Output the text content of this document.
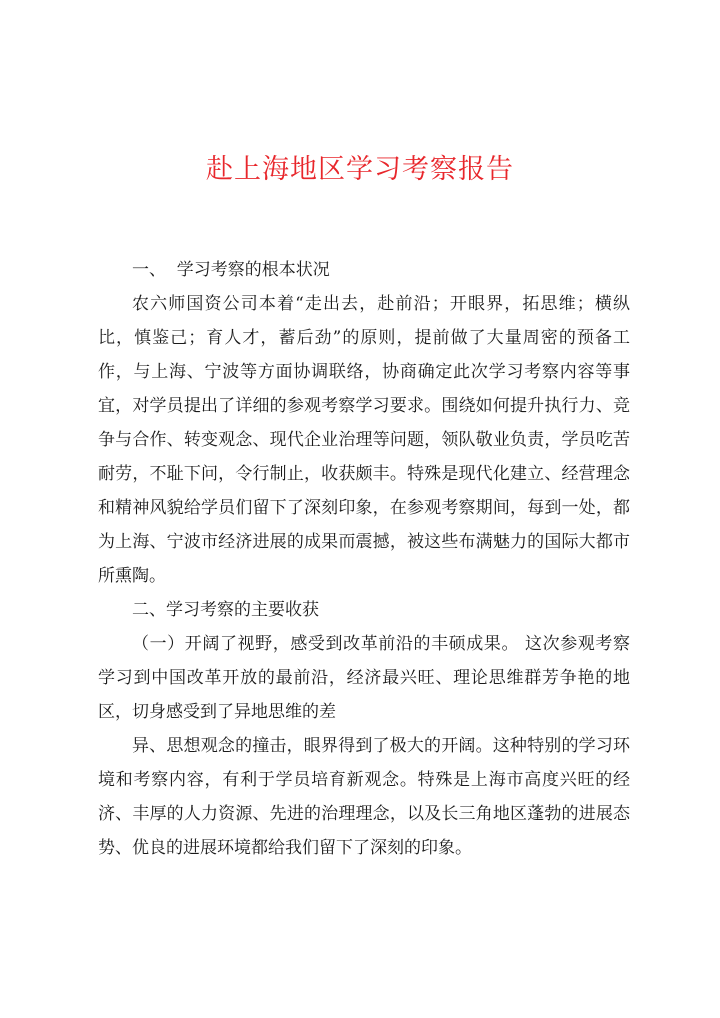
赴上海地区学习考察报告

一、  学习考察的根本状况

农六师国资公司本着“走出去，赴前沿；开眼界，拓思维；横纵比，慎鉴己；育人才，蓄后劲”的原则，提前做了大量周密的预备工作，与上海、宁波等方面协调联络，协商确定此次学习考察内容等事宜，对学员提出了详细的参观考察学习要求。围绕如何提升执行力、竞争与合作、转变观念、现代企业治理等问题，领队敬业负责，学员吃苦耐劳，不耻下问，令行制止，收获颇丰。特殊是现代化建立、经营理念和精神风貌给学员们留下了深刻印象，在参观考察期间，每到一处，都为上海、宁波市经济进展的成果而震撼，被这些布满魅力的国际大都市所熏陶。

二、学习考察的主要收获

（一）开阔了视野，感受到改革前沿的丰硕成果。 这次参观考察学习到中国改革开放的最前沿，经济最兴旺、理论思维群芳争艳的地区，切身感受到了异地思维的差

异、思想观念的撞击，眼界得到了极大的开阔。这种特别的学习环境和考察内容，有利于学员培育新观念。特殊是上海市高度兴旺的经济、丰厚的人力资源、先进的治理理念，以及长三角地区蓬勃的进展态势、优良的进展环境都给我们留下了深刻的印象。
